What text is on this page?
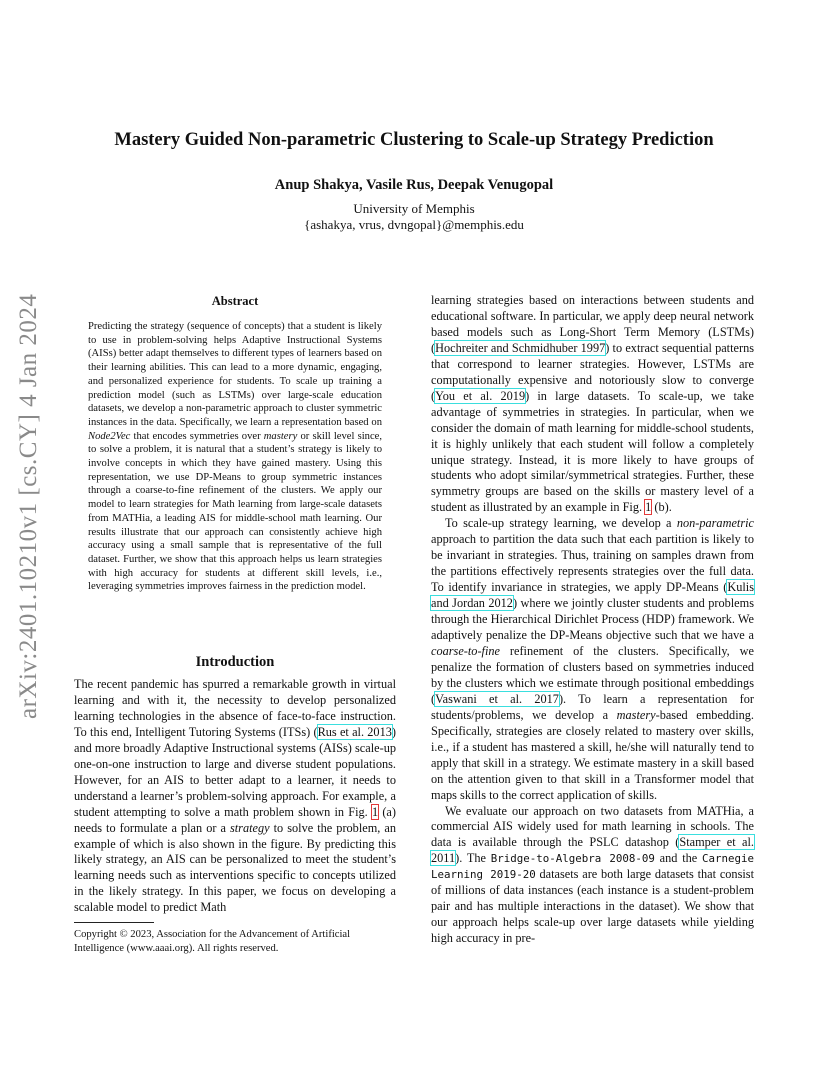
arXiv:2401.10210v1 [cs.CY] 4 Jan 2024
Mastery Guided Non-parametric Clustering to Scale-up Strategy Prediction
Anup Shakya, Vasile Rus, Deepak Venugopal
University of Memphis
{ashakya, vrus, dvngopal}@memphis.edu
Abstract

Predicting the strategy (sequence of concepts) that a student is likely to use in problem-solving helps Adaptive Instructional Systems (AISs) better adapt themselves to different types of learners based on their learning abilities. This can lead to a more dynamic, engaging, and personalized experience for students. To scale up training a prediction model (such as LSTMs) over large-scale education datasets, we develop a non-parametric approach to cluster symmetric instances in the data. Specifically, we learn a representation based on Node2Vec that encodes symmetries over mastery or skill level since, to solve a problem, it is natural that a student’s strategy is likely to involve concepts in which they have gained mastery. Using this representation, we use DP-Means to group symmetric instances through a coarse-to-fine refinement of the clusters. We apply our model to learn strategies for Math learning from large-scale datasets from MATHia, a leading AIS for middle-school math learning. Our results illustrate that our approach can consistently achieve high accuracy using a small sample that is representative of the full dataset. Further, we show that this approach helps us learn strategies with high accuracy for students at different skill levels, i.e., leveraging symmetries improves fairness in the prediction model.

Introduction

The recent pandemic has spurred a remarkable growth in virtual learning and with it, the necessity to develop personalized learning technologies in the absence of face-to-face instruction. To this end, Intelligent Tutoring Systems (ITSs) (Rus et al. 2013) and more broadly Adaptive Instructional systems (AISs) scale-up one-on-one instruction to large and diverse student populations. However, for an AIS to better adapt to a learner, it needs to understand a learner’s problem-solving approach. For example, a student attempting to solve a math problem shown in Fig. 1 (a) needs to formulate a plan or a strategy to solve the problem, an example of which is also shown in the figure. By predicting this likely strategy, an AIS can be personalized to meet the student’s learning needs such as interventions specific to concepts utilized in the likely strategy. In this paper, we focus on developing a scalable model to predict Math

learning strategies based on interactions between students and educational software. In particular, we apply deep neural network based models such as Long-Short Term Memory (LSTMs) (Hochreiter and Schmidhuber 1997) to extract sequential patterns that correspond to learner strategies. However, LSTMs are computationally expensive and notoriously slow to converge (You et al. 2019) in large datasets. To scale-up, we take advantage of symmetries in strategies. In particular, when we consider the domain of math learning for middle-school students, it is highly unlikely that each student will follow a completely unique strategy. Instead, it is more likely to have groups of students who adopt similar/symmetrical strategies. Further, these symmetry groups are based on the skills or mastery level of a student as illustrated by an example in Fig. 1 (b).

To scale-up strategy learning, we develop a non-parametric approach to partition the data such that each partition is likely to be invariant in strategies. Thus, training on samples drawn from the partitions effectively represents strategies over the full data. To identify invariance in strategies, we apply DP-Means (Kulis and Jordan 2012) where we jointly cluster students and problems through the Hierarchical Dirichlet Process (HDP) framework. We adaptively penalize the DP-Means objective such that we have a coarse-to-fine refinement of the clusters. Specifically, we penalize the formation of clusters based on symmetries induced by the clusters which we estimate through positional embeddings (Vaswani et al. 2017). To learn a representation for students/problems, we develop a mastery-based embedding. Specifically, strategies are closely related to mastery over skills, i.e., if a student has mastered a skill, he/she will naturally tend to apply that skill in a strategy. We estimate mastery in a skill based on the attention given to that skill in a Transformer model that maps skills to the correct application of skills.

We evaluate our approach on two datasets from MATHia, a commercial AIS widely used for math learning in schools. The data is available through the PSLC datashop (Stamper et al. 2011). The Bridge-to-Algebra 2008-09 and the Carnegie Learning 2019-20 datasets are both large datasets that consist of millions of data instances (each instance is a student-problem pair and has multiple interactions in the dataset). We show that our approach helps scale-up over large datasets while yielding high accuracy in pre-

Copyright © 2023, Association for the Advancement of Artificial Intelligence (www.aaai.org). All rights reserved.
